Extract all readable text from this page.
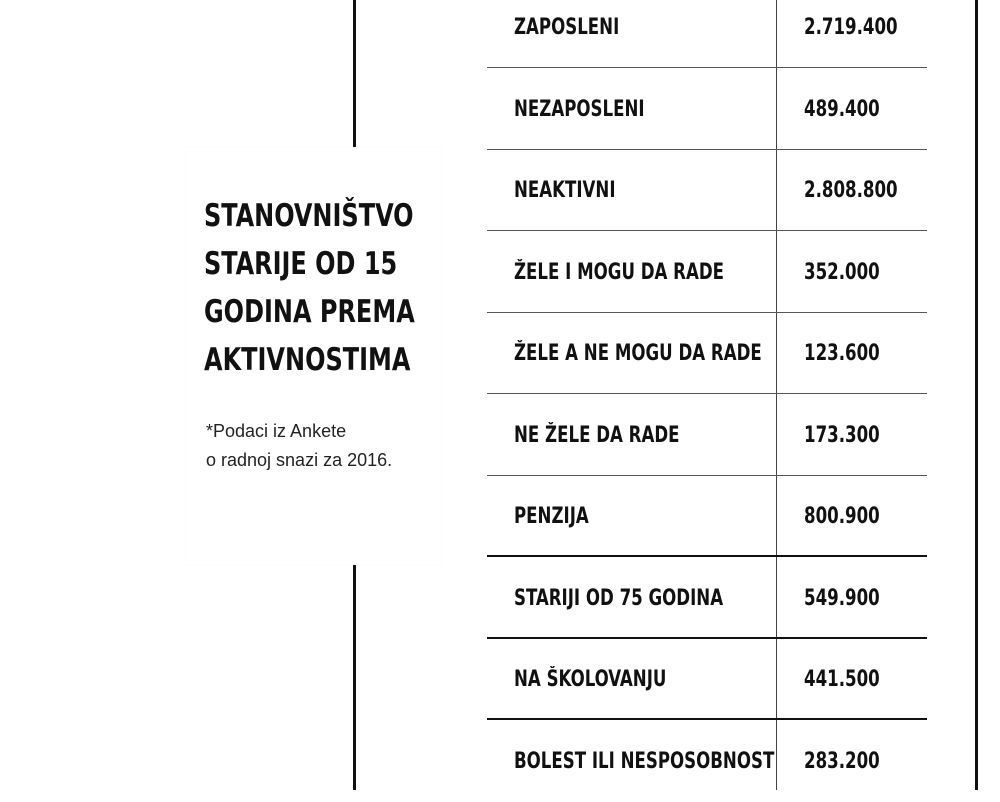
STANOVNIŠTVO
STARIJE OD 15
GODINA PREMA
AKTIVNOSTIMA
*Podaci iz Ankete
o radnoj snazi za 2016.
ZAPOSLENI	2.719.400
NEZAPOSLENI	489.400
NEAKTIVNI	2.808.800
ŽELE I MOGU DA RADE	352.000
ŽELE A NE MOGU DA RADE 123.600
NE ŽELE DA RADE	173.300
PENZIJA	800.900
STARIJI OD 75 GODINA	549.900
NA ŠKOLOVANJU	441.500
BOLEST ILI NESPOSOBNOST 283.200
